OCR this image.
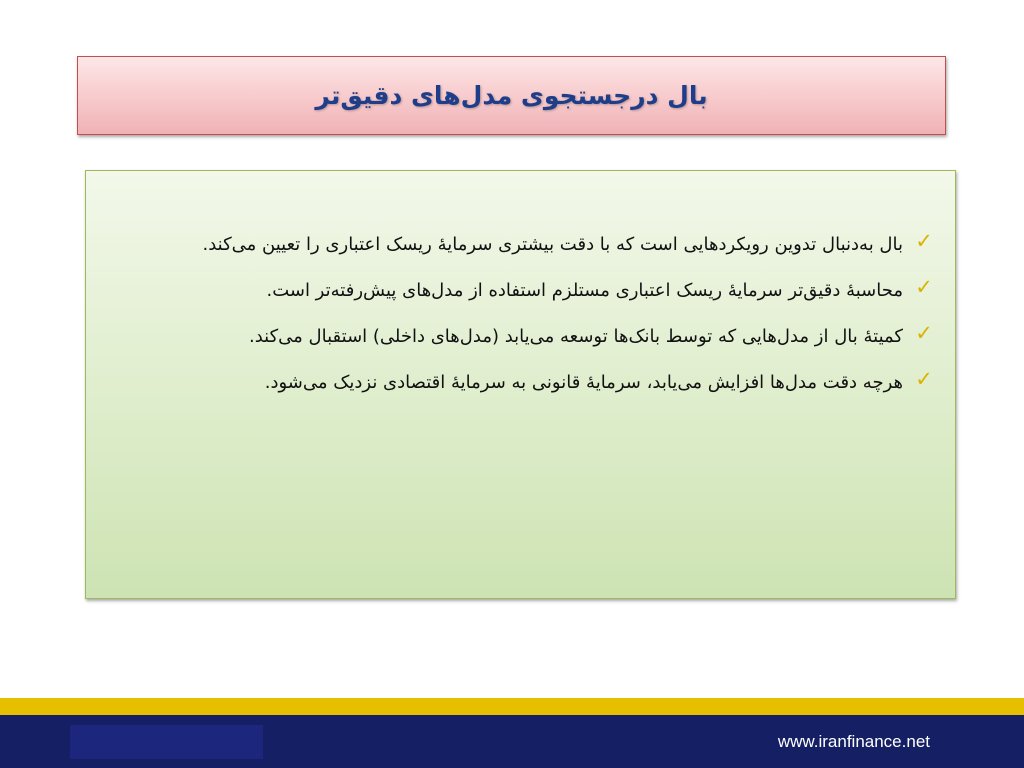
بال درجستجوی مدل‌های دقیق‌تر
✓
بال به‌دنبال تدوین رویکردهایی است که با دقت بیشتری سرمایۀ ریسک اعتباری را تعیین می‌کند.
✓
محاسبۀ دقیق‌تر سرمایۀ ریسک اعتباری مستلزم استفاده از مدل‌های پیش‌رفته‌تر است.
✓
کمیتۀ بال از مدل‌هایی که توسط بانک‌ها توسعه می‌یابد (مدل‌های داخلی) استقبال می‌کند.
✓
هرچه دقت مدل‌ها افزایش می‌یابد، سرمایۀ قانونی به سرمایۀ اقتصادی نزدیک می‌شود.
www.iranfinance.net
